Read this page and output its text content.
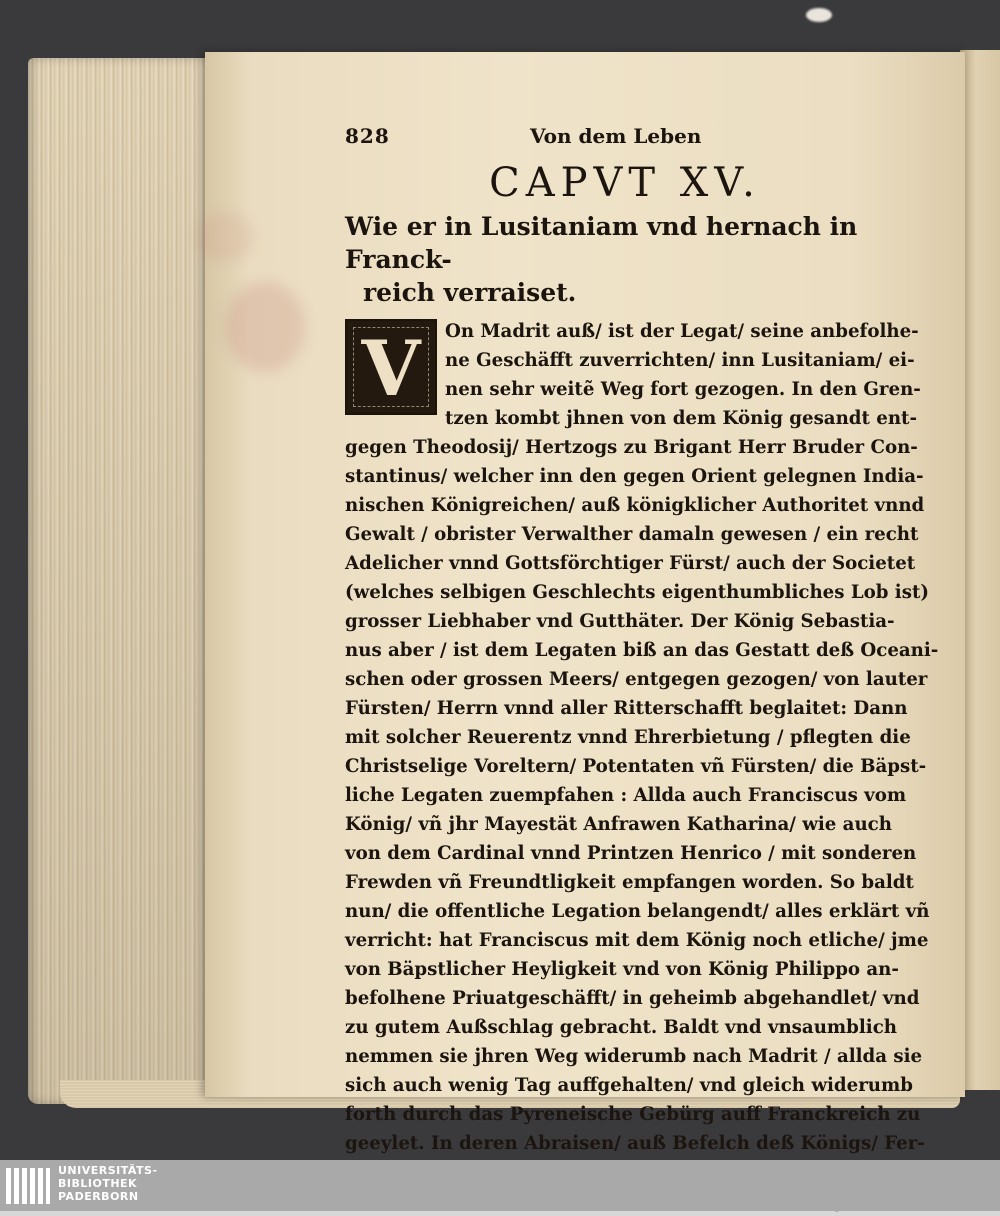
828	Von dem Leben
CAPVT XV.
Wie er in Lusitaniam vnd hernach in Franck-
reich verraiset.
V	On Madrit auß/ ist der Legat/ seine anbefolhe-
ne Geschäfft zuverrichten/ inn Lusitaniam/ ei-
nen sehr weitẽ Weg fort gezogen. In den Gren-
tzen kombt jhnen von dem König gesandt ent-
gegen Theodosij/ Hertzogs zu Brigant Herr Bruder Con-
stantinus/ welcher inn den gegen Orient gelegnen India-
nischen Königreichen/ auß königklicher Authoritet vnnd
Gewalt / obrister Verwalther damaln gewesen / ein recht
Adelicher vnnd Gottsförchtiger Fürst/ auch der Societet
(welches selbigen Geschlechts eigenthumbliches Lob ist)
grosser Liebhaber vnd Gutthäter. Der König Sebastia-
nus aber / ist dem Legaten biß an das Gestatt deß Oceani-
schen oder grossen Meers/ entgegen gezogen/ von lauter
Fürsten/ Herrn vnnd aller Ritterschafft beglaitet: Dann
mit solcher Reuerentz vnnd Ehrerbietung / pflegten die
Christselige Voreltern/ Potentaten vñ Fürsten/ die Bäpst-
liche Legaten zuempfahen : Allda auch Franciscus vom
König/ vñ jhr Mayestät Anfrawen Katharina/ wie auch
von dem Cardinal vnnd Printzen Henrico / mit sonderen
Frewden vñ Freundtligkeit empfangen worden. So baldt
nun/ die offentliche Legation belangendt/ alles erklärt vñ
verricht: hat Franciscus mit dem König noch etliche/ jme
von Bäpstlicher Heyligkeit vnd von König Philippo an-
befolhene Priuatgeschäfft/ in geheimb abgehandlet/ vnd
zu gutem Außschlag gebracht. Baldt vnd vnsaumblich
nemmen sie jhren Weg widerumb nach Madrit / allda sie
sich auch wenig Tag auffgehalten/ vnd gleich widerumb
forth durch das Pyreneische Gebürg auff Franckreich zu
geeylet. In deren Abraisen/ auß Befelch deß Königs/ Fer-
UNIVERSITÄTS-
BIBLIOTHEK
PADERBORN
